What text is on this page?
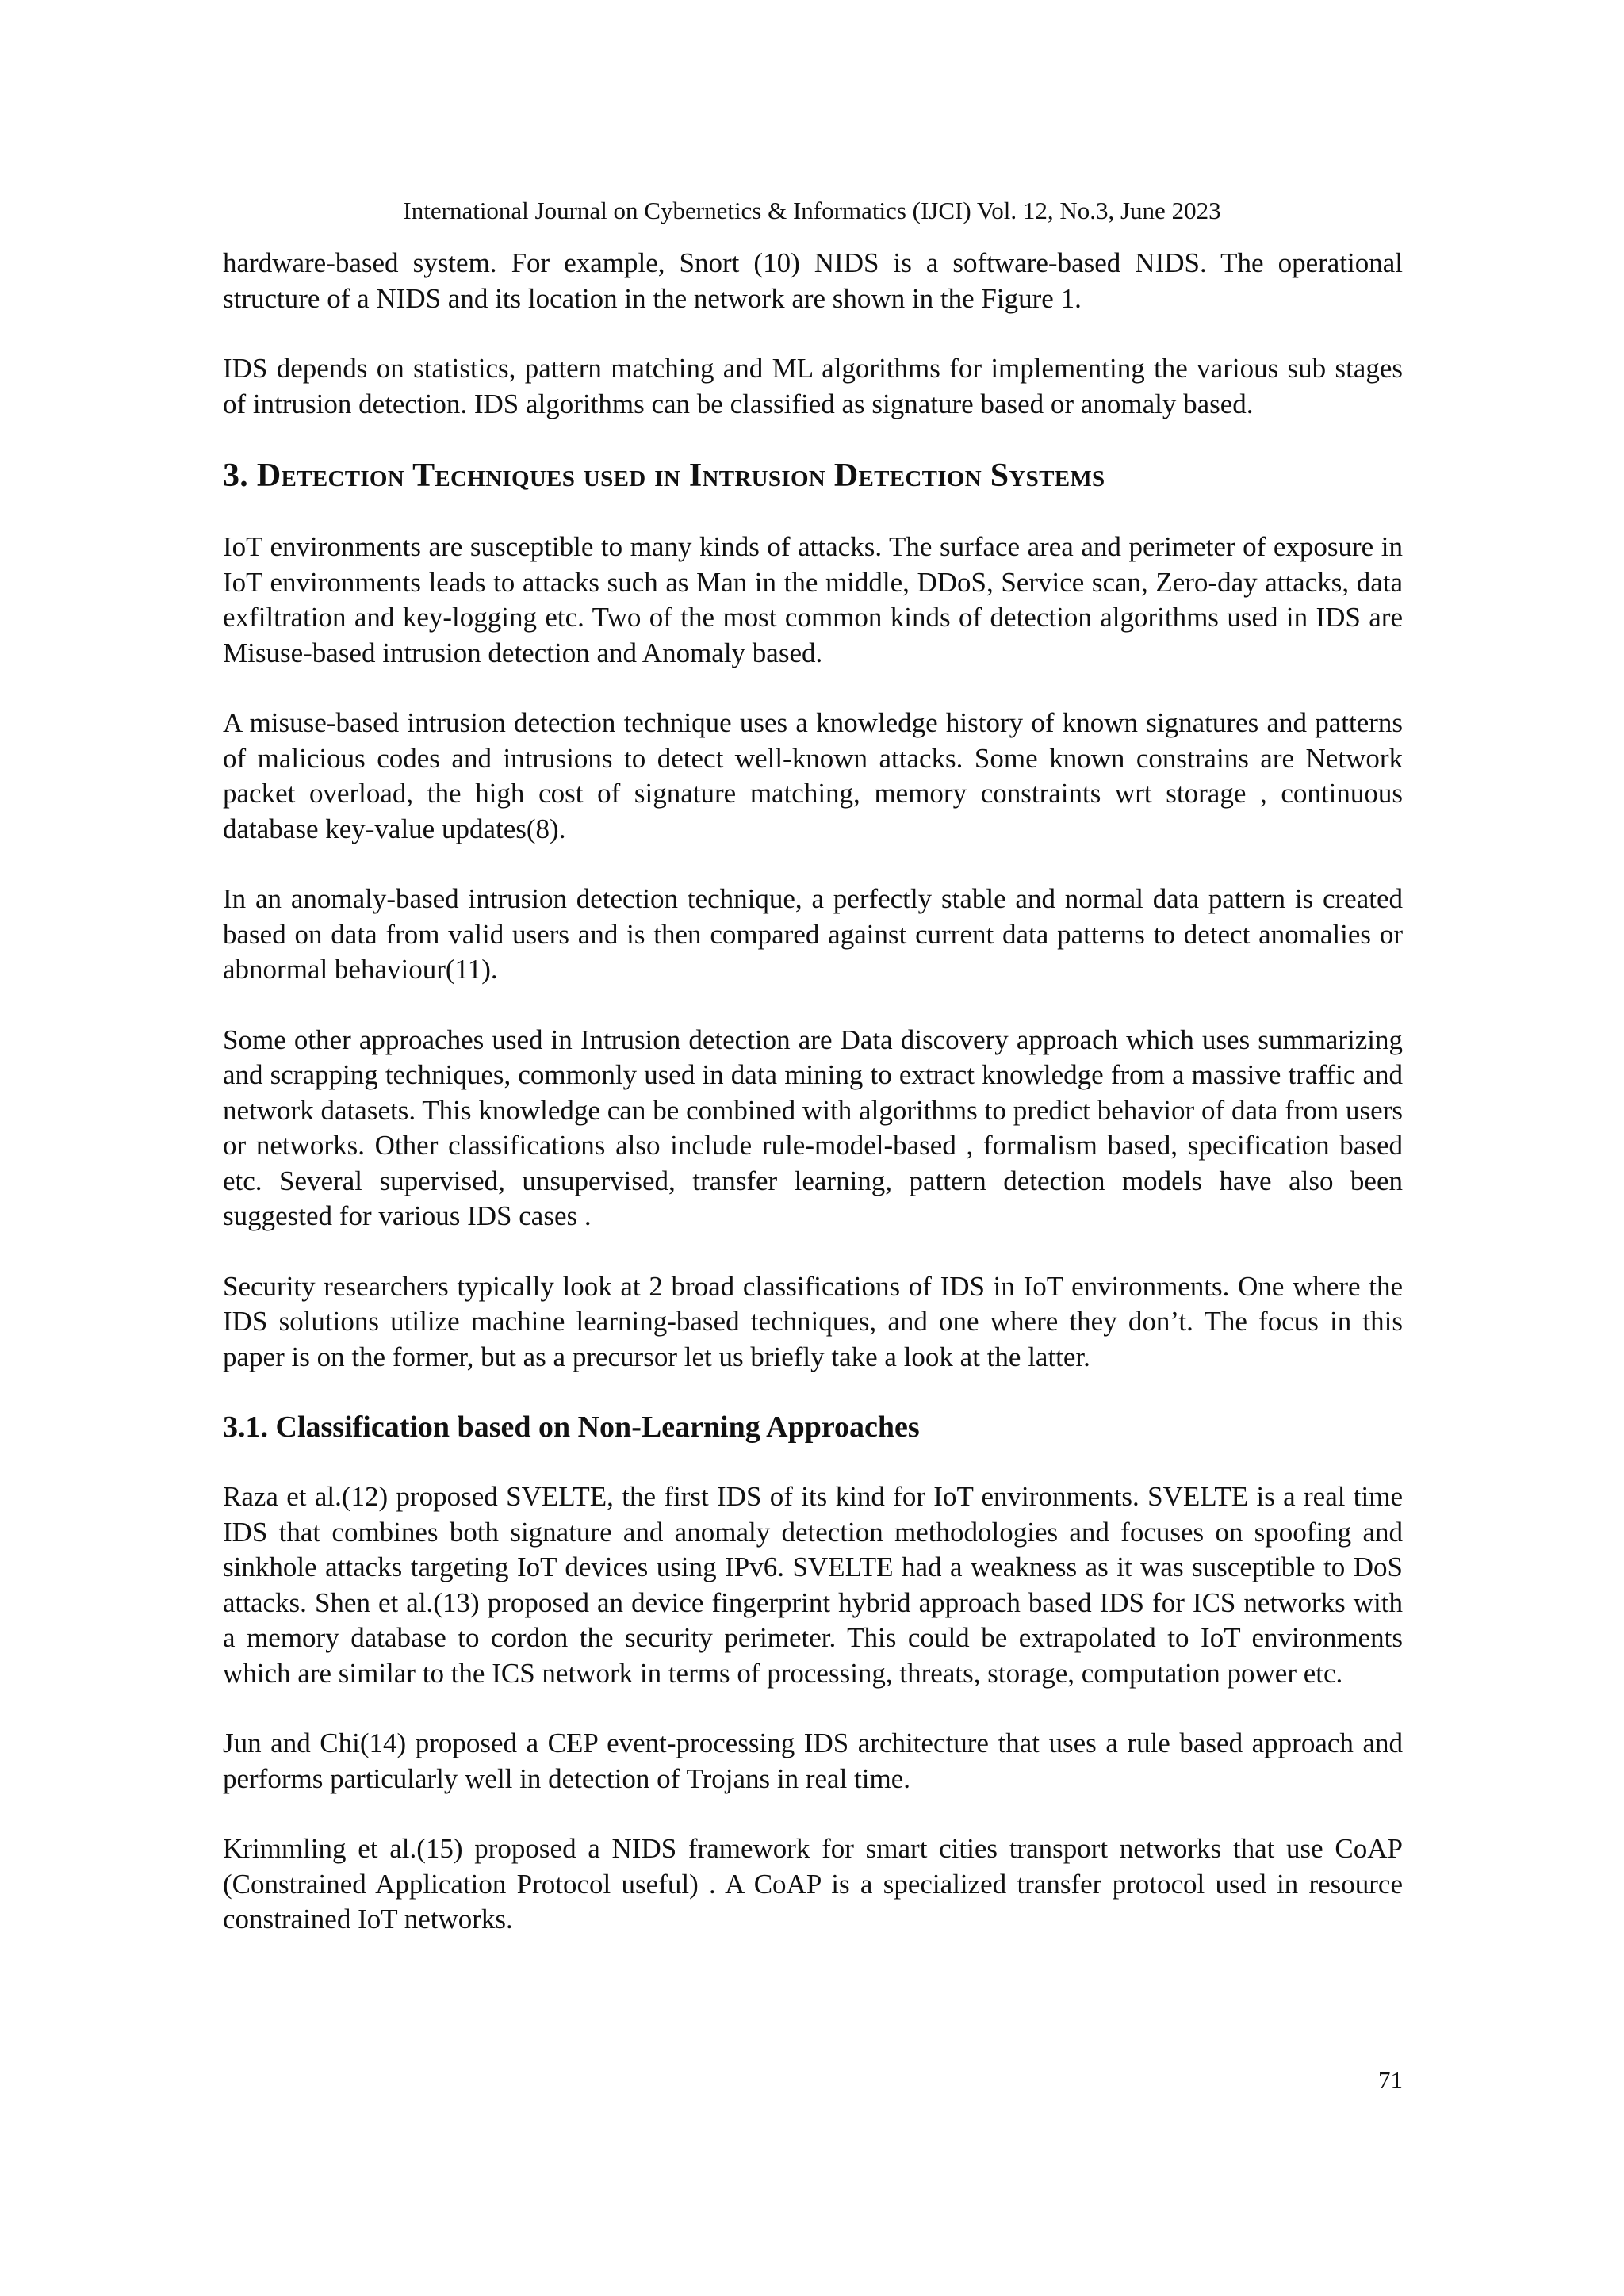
International Journal on Cybernetics & Informatics (IJCI) Vol. 12, No.3, June 2023

hardware-based system. For example, Snort (10) NIDS is a software-based NIDS. The operational structure of a NIDS and its location in the network are shown in the Figure 1.

IDS depends on statistics, pattern matching and ML algorithms for implementing the various sub stages of intrusion detection. IDS algorithms can be classified as signature based or anomaly based.

3. Detection Techniques used in Intrusion Detection Systems

IoT environments are susceptible to many kinds of attacks. The surface area and perimeter of exposure in IoT environments leads to attacks such as Man in the middle, DDoS, Service scan, Zero-day attacks, data exfiltration and key-logging etc. Two of the most common kinds of detection algorithms used in IDS are Misuse-based intrusion detection and Anomaly based.

A misuse-based intrusion detection technique uses a knowledge history of known signatures and patterns of malicious codes and intrusions to detect well-known attacks. Some known constrains are Network packet overload, the high cost of signature matching, memory constraints wrt storage , continuous database key-value updates(8).

In an anomaly-based intrusion detection technique, a perfectly stable and normal data pattern is created based on data from valid users and is then compared against current data patterns to detect anomalies or abnormal behaviour(11).

Some other approaches used in Intrusion detection are Data discovery approach which uses summarizing and scrapping techniques, commonly used in data mining to extract knowledge from a massive traffic and network datasets. This knowledge can be combined with algorithms to predict behavior of data from users or networks. Other classifications also include rule-model-based , formalism based, specification based etc. Several supervised, unsupervised, transfer learning, pattern detection models have also been suggested for various IDS cases .

Security researchers typically look at 2 broad classifications of IDS in IoT environments. One where the IDS solutions utilize machine learning-based techniques, and one where they don’t. The focus in this paper is on the former, but as a precursor let us briefly take a look at the latter.

3.1. Classification based on Non-Learning Approaches

Raza et al.(12) proposed SVELTE, the first IDS of its kind for IoT environments. SVELTE is a real time IDS that combines both signature and anomaly detection methodologies and focuses on spoofing and sinkhole attacks targeting IoT devices using IPv6. SVELTE had a weakness as it was susceptible to DoS attacks. Shen et al.(13) proposed an device fingerprint hybrid approach based IDS for ICS networks with a memory database to cordon the security perimeter. This could be extrapolated to IoT environments which are similar to the ICS network in terms of processing, threats, storage, computation power etc.

Jun and Chi(14) proposed a CEP event-processing IDS architecture that uses a rule based approach and performs particularly well in detection of Trojans in real time.

Krimmling et al.(15) proposed a NIDS framework for smart cities transport networks that use CoAP (Constrained Application Protocol useful) . A CoAP is a specialized transfer protocol used in resource constrained IoT networks.

71
